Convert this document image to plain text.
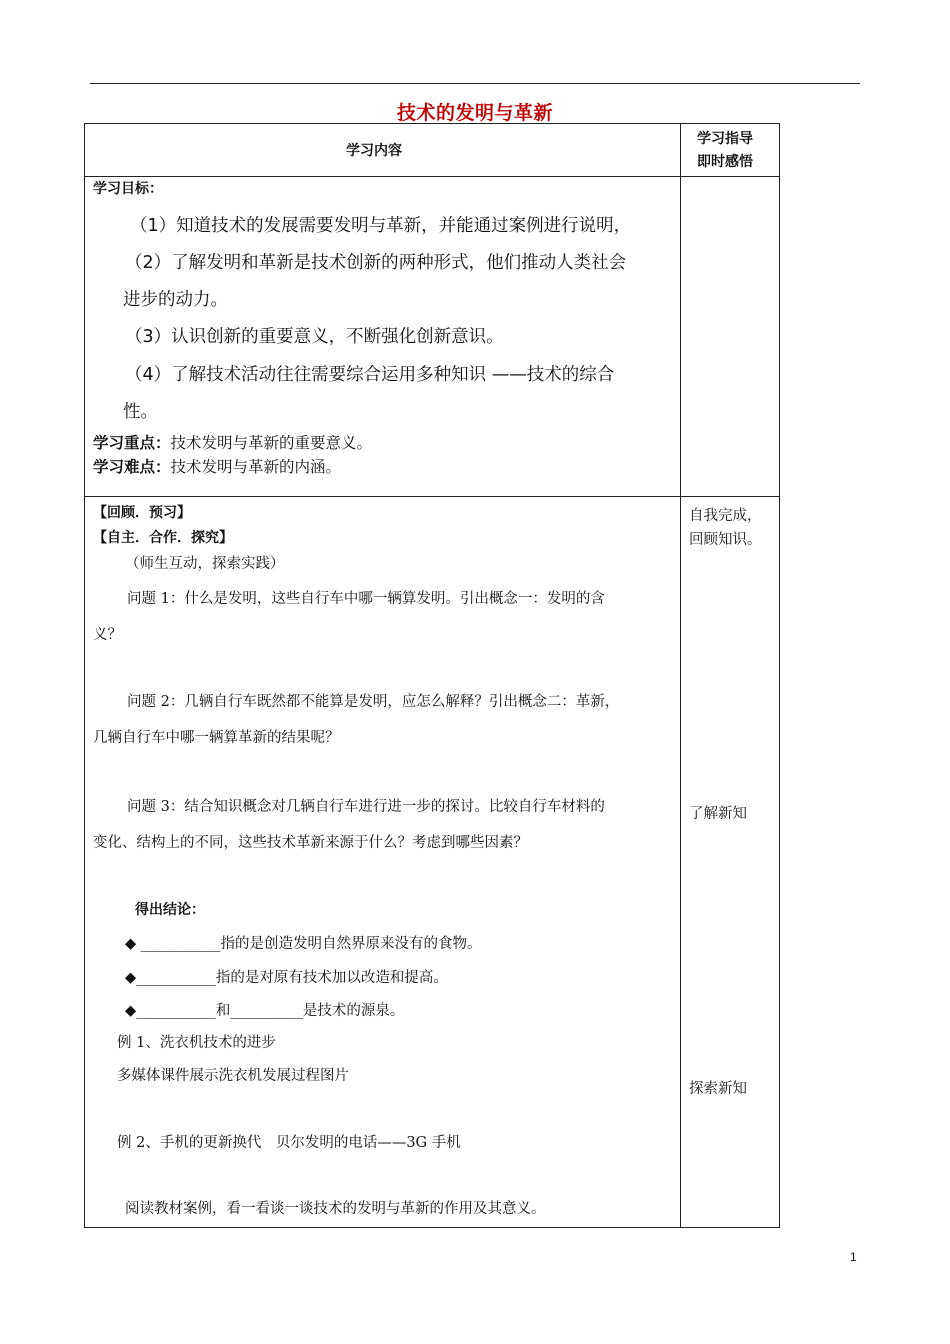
技术的发明与革新
学习内容
学习指导
即时感悟
学习目标：
（1）知道技术的发展需要发明与革新，并能通过案例进行说明，
（2）了解发明和革新是技术创新的两种形式，他们推动人类社会
进步的动力。
（3）认识创新的重要意义，不断强化创新意识。
（4）了解技术活动往往需要综合运用多种知识 ——技术的综合
性。
学习重点：技术发明与革新的重要意义。
学习难点：技术发明与革新的内涵。
【回顾．预习】
【自主．合作．探究】
（师生互动，探索实践）
问题 1：什么是发明，这些自行车中哪一辆算发明。引出概念一：发明的含
义？
问题 2：几辆自行车既然都不能算是发明，应怎么解释？引出概念二：革新，
几辆自行车中哪一辆算革新的结果呢？
问题 3：结合知识概念对几辆自行车进行进一步的探讨。比较自行车材料的
变化、结构上的不同，这些技术革新来源于什么？考虑到哪些因素？
得出结论：
◆ ___________指的是创造发明自然界原来没有的食物。
◆___________指的是对原有技术加以改造和提高。
◆___________和__________是技术的源泉。
例 1、洗衣机技术的进步
多媒体课件展示洗衣机发展过程图片
例 2、手机的更新换代　贝尔发明的电话——3G 手机
阅读教材案例，看一看谈一谈技术的发明与革新的作用及其意义。
自我完成，
回顾知识。
了解新知
探索新知
1
